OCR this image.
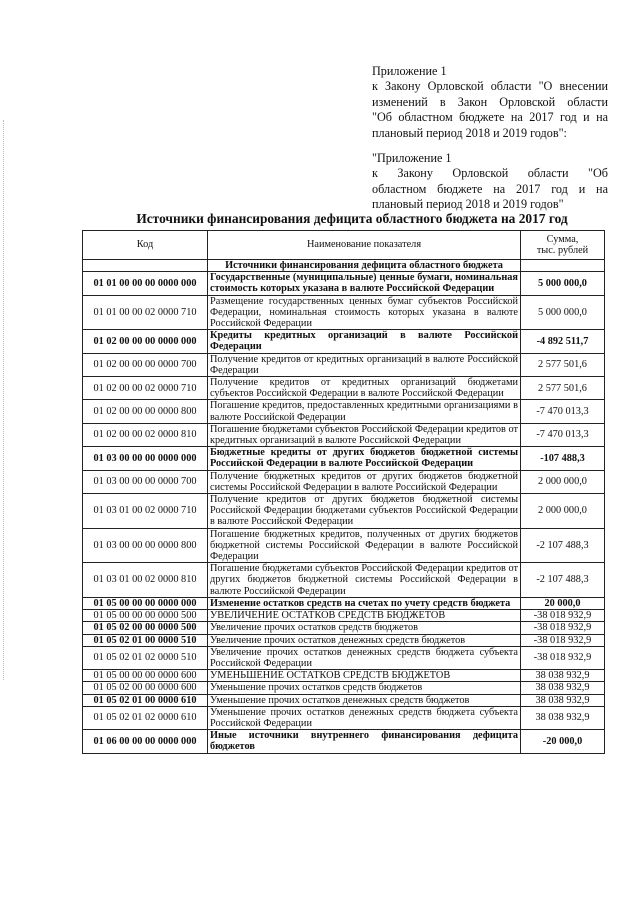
Приложение 1
к Закону Орловской области "О внесении
изменений в Закон Орловской области
"Об областном бюджете на 2017 год и на
плановый период 2018 и 2019 годов":
"Приложение 1
к Закону Орловской области "Об
областном бюджете на 2017 год и на
плановый период 2018 и 2019 годов"
Источники финансирования дефицита областного бюджета на 2017 год
Код	Наименование показателя	Сумма,
тыс. рублей

	Источники финансирования дефицита областного бюджета	
01 01 00 00 00 0000 000	Государственные (муниципальные) ценные бумаги, номинальная стоимость которых указана в валюте Российской Федерации	5 000 000,0
01 01 00 00 02 0000 710	Размещение государственных ценных бумаг субъектов Российской Федерации, номинальная стоимость которых указана в валюте Российской Федерации	5 000 000,0
01 02 00 00 00 0000 000	Кредиты кредитных организаций в валюте Российской Федерации	-4 892 511,7
01 02 00 00 00 0000 700	Получение кредитов от кредитных организаций в валюте Российской Федерации	2 577 501,6
01 02 00 00 02 0000 710	Получение кредитов от кредитных организаций бюджетами субъектов Российской Федерации в валюте Российской Федерации	2 577 501,6
01 02 00 00 00 0000 800	Погашение кредитов, предоставленных кредитными организациями в валюте Российской Федерации	-7 470 013,3
01 02 00 00 02 0000 810	Погашение бюджетами субъектов Российской Федерации кредитов от кредитных организаций в валюте Российской Федерации	-7 470 013,3
01 03 00 00 00 0000 000	Бюджетные кредиты от других бюджетов бюджетной системы Российской Федерации в валюте Российской Федерации	-107 488,3
01 03 00 00 00 0000 700	Получение бюджетных кредитов от других бюджетов бюджетной системы Российской Федерации в валюте Российской Федерации	2 000 000,0
01 03 01 00 02 0000 710	Получение кредитов от других бюджетов бюджетной системы Российской Федерации бюджетами субъектов Российской Федерации в валюте Российской Федерации	2 000 000,0
01 03 00 00 00 0000 800	Погашение бюджетных кредитов, полученных от других бюджетов бюджетной системы Российской Федерации в валюте Российской Федерации	-2 107 488,3
01 03 01 00 02 0000 810	Погашение бюджетами субъектов Российской Федерации кредитов от других бюджетов бюджетной системы Российской Федерации в валюте Российской Федерации	-2 107 488,3
01 05 00 00 00 0000 000	Изменение остатков средств на счетах по учету средств бюджета	20 000,0
01 05 00 00 00 0000 500	УВЕЛИЧЕНИЕ ОСТАТКОВ СРЕДСТВ БЮДЖЕТОВ	-38 018 932,9
01 05 02 00 00 0000 500	Увеличение прочих остатков средств бюджетов	-38 018 932,9
01 05 02 01 00 0000 510	Увеличение прочих остатков денежных средств бюджетов	-38 018 932,9
01 05 02 01 02 0000 510	Увеличение прочих остатков денежных средств бюджета субъекта Российской Федерации	-38 018 932,9
01 05 00 00 00 0000 600	УМЕНЬШЕНИЕ ОСТАТКОВ СРЕДСТВ БЮДЖЕТОВ	38 038 932,9
01 05 02 00 00 0000 600	Уменьшение прочих остатков средств бюджетов	38 038 932,9
01 05 02 01 00 0000 610	Уменьшение прочих остатков денежных средств бюджетов	38 038 932,9
01 05 02 01 02 0000 610	Уменьшение прочих остатков денежных средств бюджета субъекта Российской Федерации	38 038 932,9
01 06 00 00 00 0000 000	Иные источники внутреннего финансирования дефицита бюджетов	-20 000,0
